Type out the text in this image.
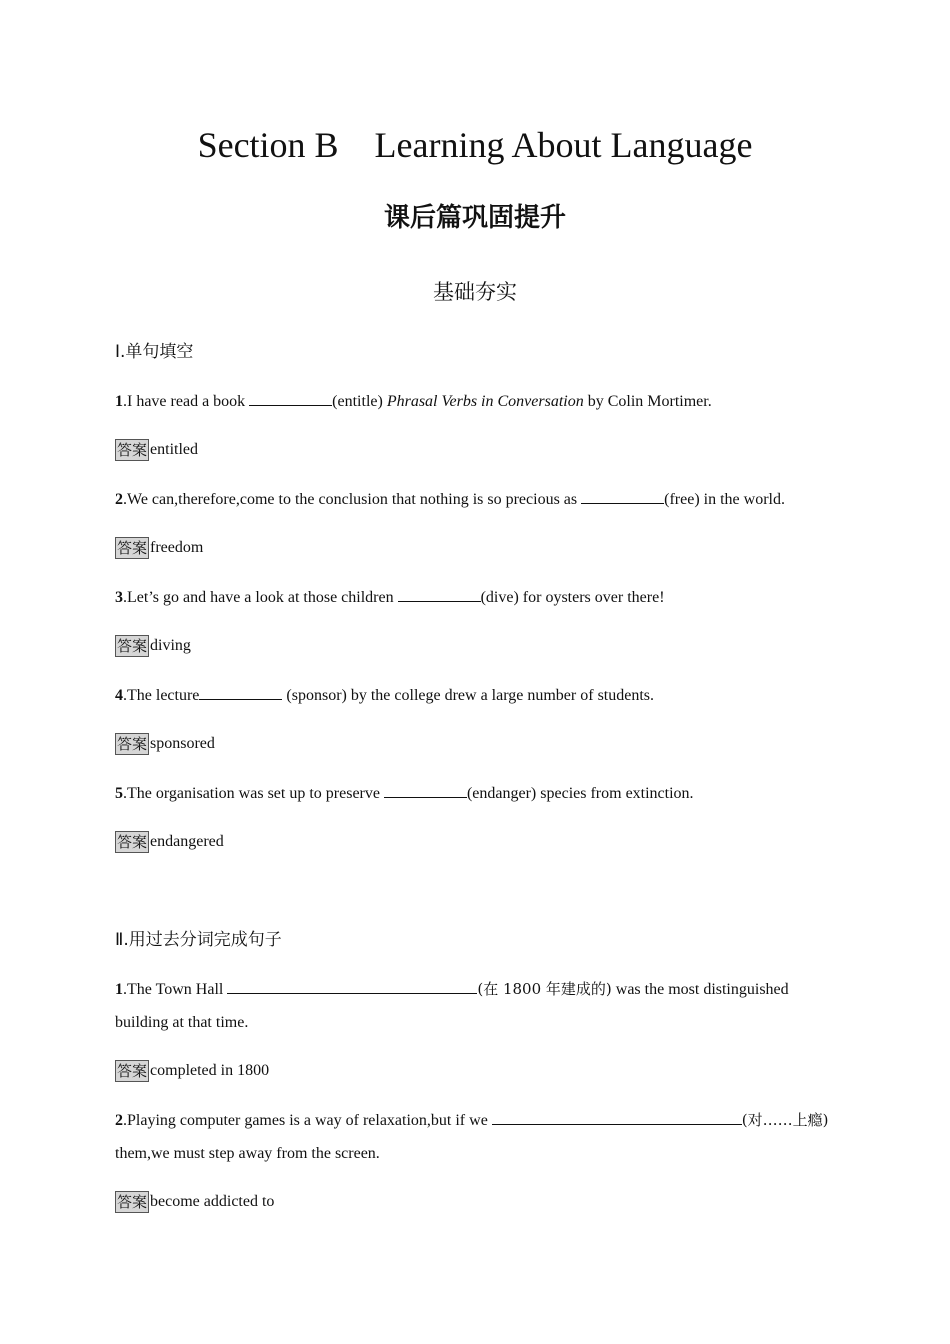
Section B    Learning About Language
课后篇巩固提升
基础夯实
Ⅰ.单句填空
1.I have read a book	(entitle) Phrasal Verbs in Conversation by Colin Mortimer.
答案 entitled
2.We can,therefore,come to the conclusion that nothing is so precious as	(free) in the world.
答案 freedom
3.Let’s go and have a look at those children	(dive) for oysters over there!
答案 diving
4.The lecture	(sponsor) by the college drew a large number of students.
答案 sponsored
5.The organisation was set up to preserve	(endanger) species from extinction.
答案 endangered
Ⅱ.用过去分词完成句子
1.The Town Hall	(在 1800 年建成的) was the most distinguished building at that time.
答案 completed in 1800
2.Playing computer games is a way of relaxation,but if we	(对……上瘾) them,we must step away from the screen.
答案 become addicted to
